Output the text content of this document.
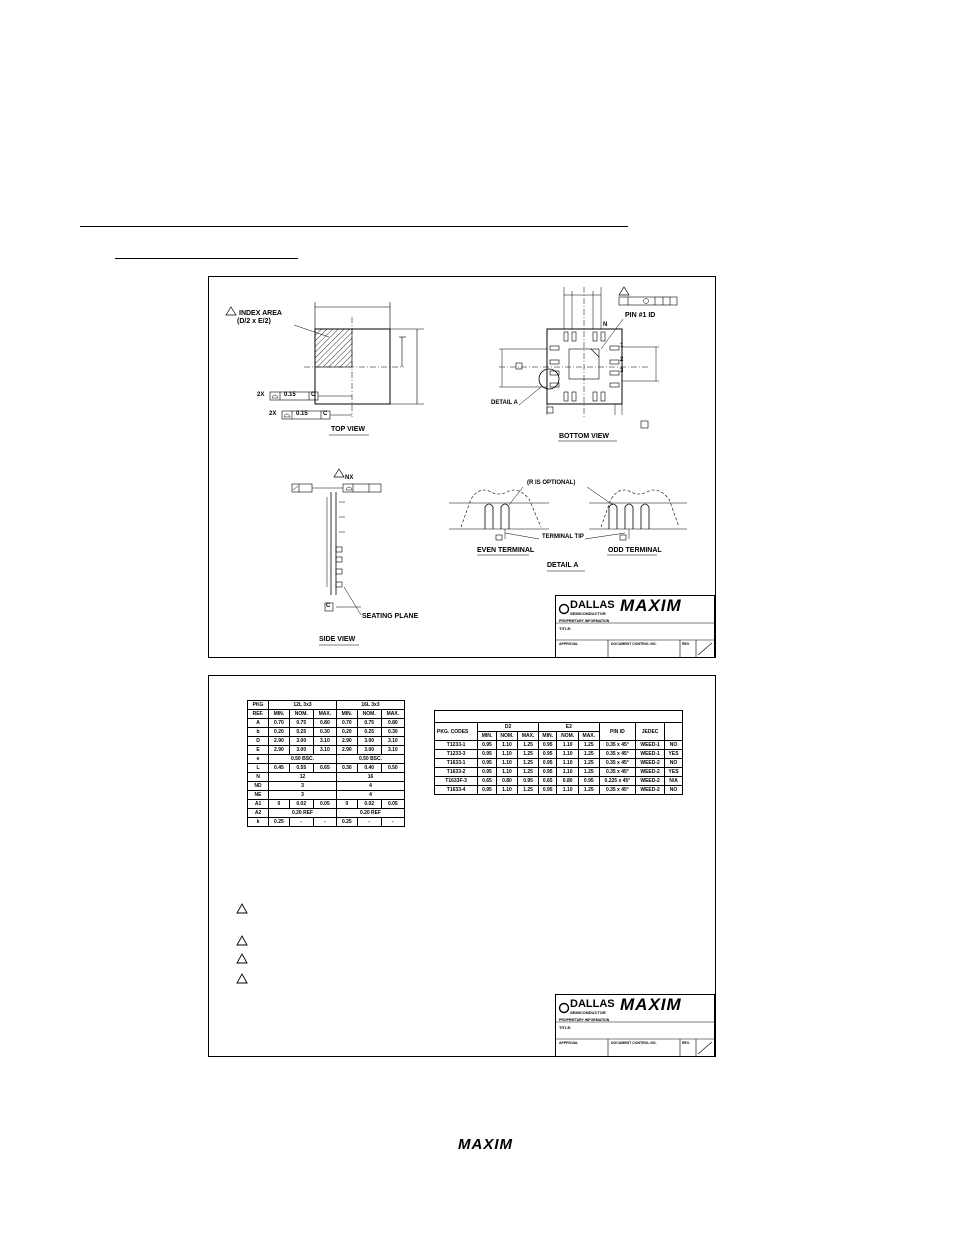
INDEX AREA
(D/2 x E/2)
2X	0.15	C
2X	0.15	C
TOP VIEW
PIN #1 ID
N
1
2
3
DETAIL A
BOTTOM VIEW
NX
C
SEATING PLANE
SIDE VIEW
(R IS OPTIONAL)
TERMINAL TIP
EVEN TERMINAL	ODD TERMINAL
DETAIL A
DALLAS
SEMICONDUCTOR MAXIM
PROPRIETARY INFORMATION
TITLE:
APPROVAL	DOCUMENT CONTROL NO.	REV.
PKG	12L 3x3			16L 3x3		
REF.	MIN.	NOM.	MAX.	MIN.	NOM.	MAX.
A	0.70	0.75	0.80	0.70	0.75	0.80
b	0.20	0.25	0.30	0.20	0.25	0.30
D	2.90	3.00	3.10	2.90	3.00	3.10
E	2.90	3.00	3.10	2.90	3.00	3.10
e	0.50 BSC.			0.50 BSC.		
L	0.45	0.55	0.65	0.30	0.40	0.50
N	12			16		
ND	3			4		
NE	3			4		
A1	0	0.02	0.05	0	0.02	0.05
A2	0.20 REF			0.20 REF		
k	0.25	-	-	0.25	-	-
PKG. CODES	D2			E2			PIN ID	JEDEC	
	MIN.	NOM.	MAX.	MIN.	NOM.	MAX.			
T1233-1	0.95	1.10	1.25	0.95	1.10	1.25	0.35 x 45°	WEED-1	NO
T1233-3	0.95	1.10	1.25	0.95	1.10	1.25	0.35 x 45°	WEED-1	YES
T1633-1	0.95	1.10	1.25	0.95	1.10	1.25	0.35 x 45°	WEED-2	NO
T1633-2	0.95	1.10	1.25	0.95	1.10	1.25	0.35 x 45°	WEED-2	YES
T1633F-3	0.65	0.80	0.95	0.65	0.80	0.95	0.225 x 45°	WEED-2	N/A
T1633-4	0.95	1.10	1.25	0.95	1.10	1.25	0.35 x 45°	WEED-2	NO
DALLAS
SEMICONDUCTOR MAXIM
PROPRIETARY INFORMATION
TITLE:
APPROVAL	DOCUMENT CONTROL NO.	REV.
MAXIM
